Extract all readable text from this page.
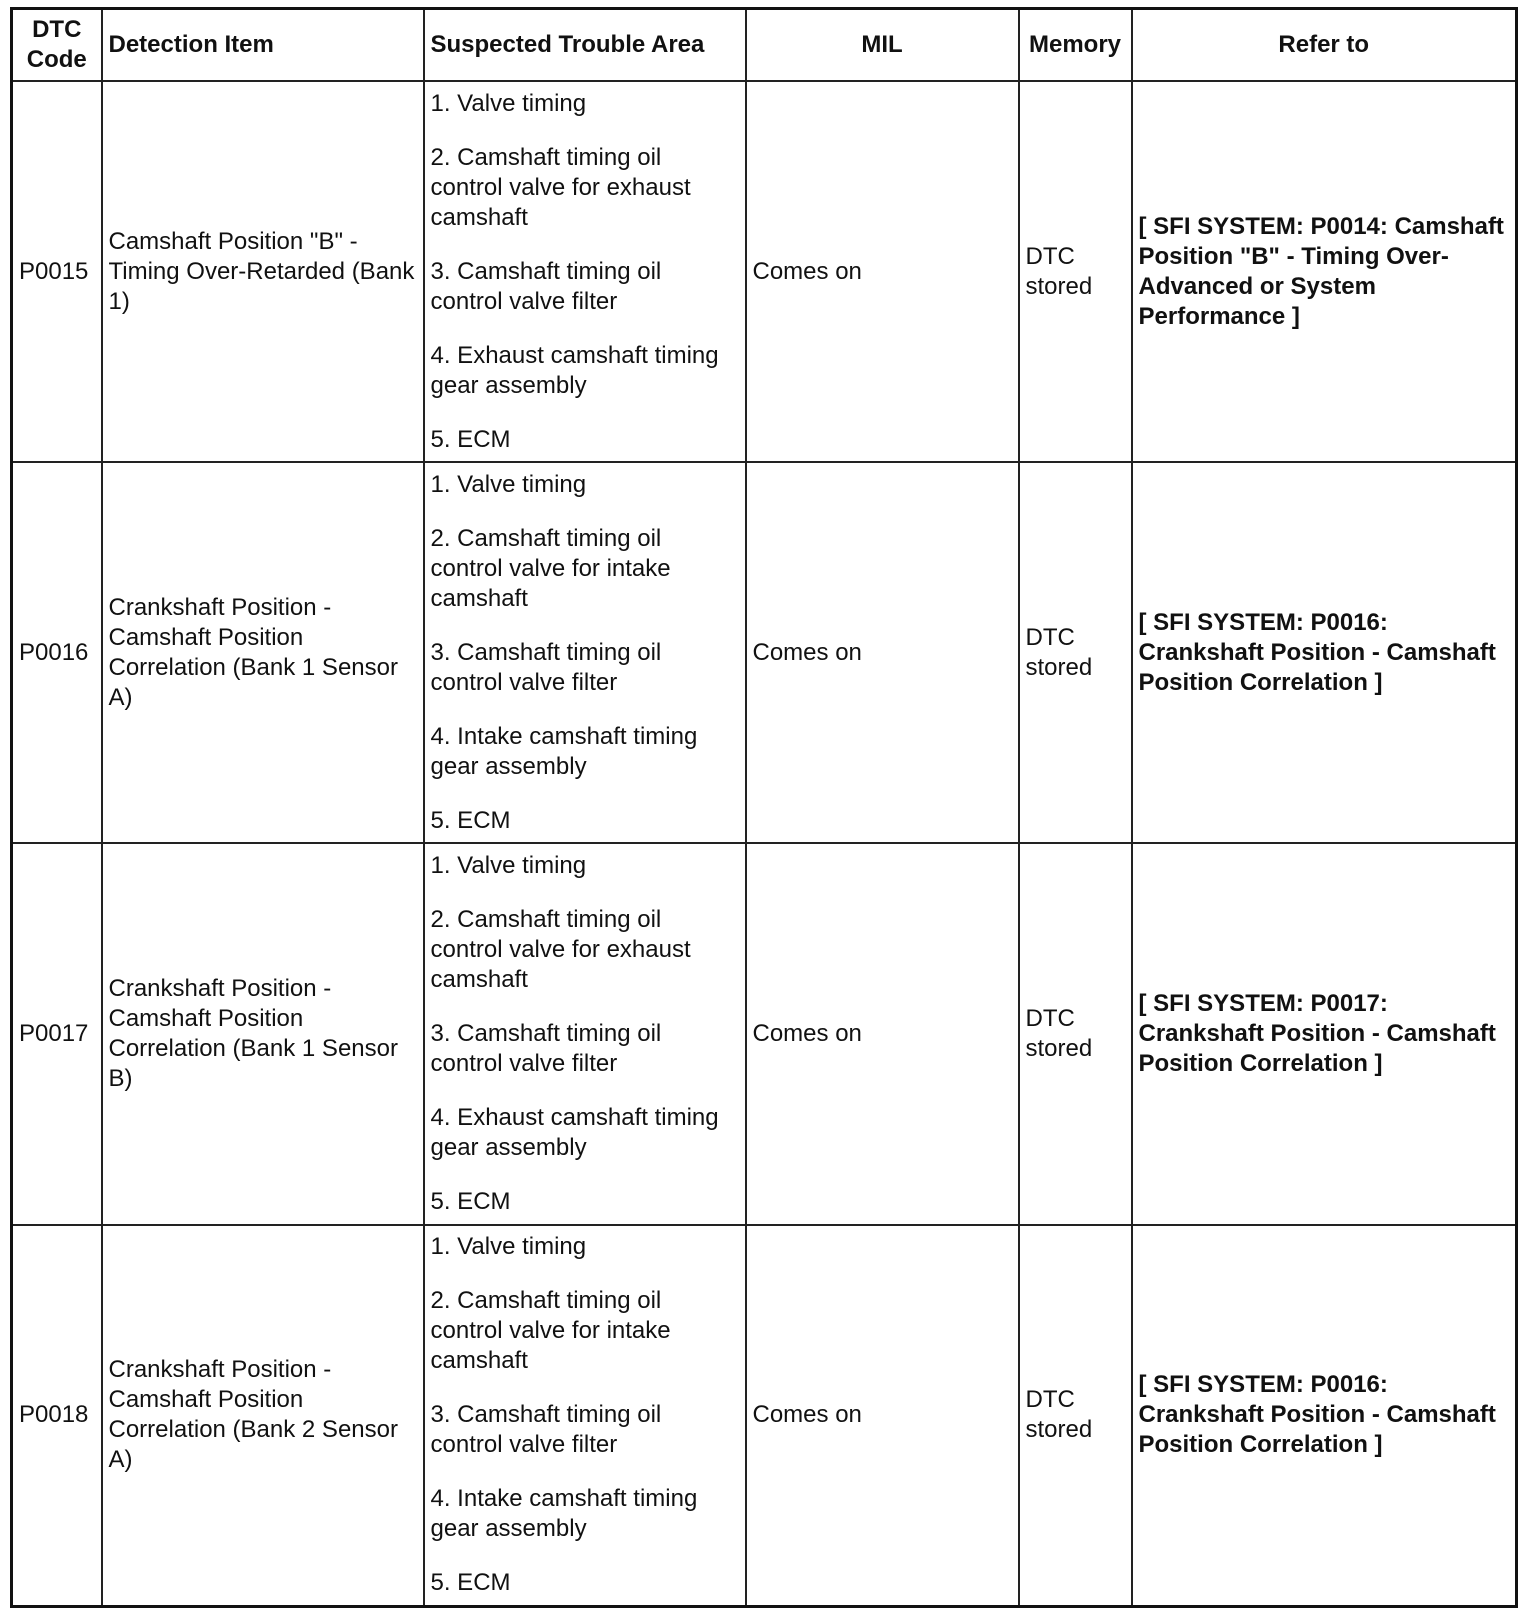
DTC
Code	Detection Item	Suspected Trouble Area	MIL	Memory	Refer to
P0015	Camshaft Position "B" - Timing Over-Retarded (Bank 1)	1. Valve timing
2. Camshaft timing oil control valve for exhaust camshaft
3. Camshaft timing oil control valve filter
4. Exhaust camshaft timing gear assembly
5. ECM	Comes on	DTC stored	[ SFI SYSTEM: P0014: Camshaft Position "B" - Timing Over-Advanced or System Performance ]
P0016	Crankshaft Position - Camshaft Position Correlation (Bank 1 Sensor A)	1. Valve timing
2. Camshaft timing oil control valve for intake camshaft
3. Camshaft timing oil control valve filter
4. Intake camshaft timing gear assembly
5. ECM	Comes on	DTC stored	[ SFI SYSTEM: P0016: Crankshaft Position - Camshaft Position Correlation ]
P0017	Crankshaft Position - Camshaft Position Correlation (Bank 1 Sensor B)	1. Valve timing
2. Camshaft timing oil control valve for exhaust camshaft
3. Camshaft timing oil control valve filter
4. Exhaust camshaft timing gear assembly
5. ECM	Comes on	DTC stored	[ SFI SYSTEM: P0017: Crankshaft Position - Camshaft Position Correlation ]
P0018	Crankshaft Position - Camshaft Position Correlation (Bank 2 Sensor A)	1. Valve timing
2. Camshaft timing oil control valve for intake camshaft
3. Camshaft timing oil control valve filter
4. Intake camshaft timing gear assembly
5. ECM	Comes on	DTC stored	[ SFI SYSTEM: P0016: Crankshaft Position - Camshaft Position Correlation ]
